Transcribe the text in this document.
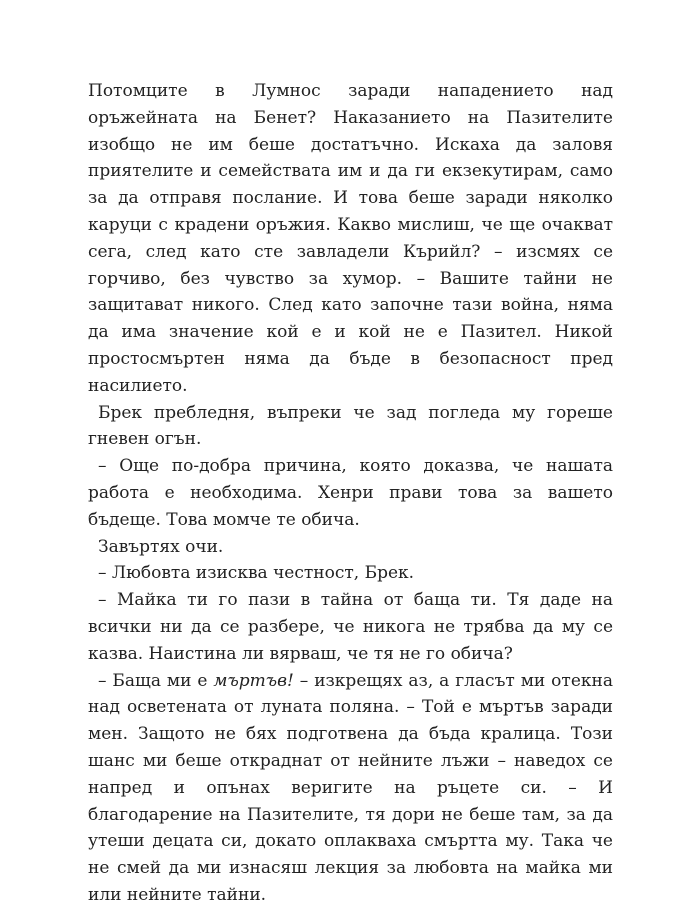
Потомците в Лумнос заради нападението над оръжейната на Бенет? Наказанието на Пазителите изобщо не им беше достатъчно. Искаха да заловя приятелите и семействата им и да ги екзекутирам, само за да отправя послание. И това беше заради няколко каруци с крадени оръжия. Какво мислиш, че ще очакват сега, след като сте завладели Кърийл? – изсмях се горчиво, без чувство за хумор. – Вашите тайни не защитават никого. След като започне тази война, няма да има значение кой е и кой не е Пазител. Никой простосмъртен няма да бъде в безопасност пред насилието.

Брек пребледня, въпреки че зад погледа му гореше гневен огън.

– Още по-добра причина, която доказва, че нашата работа е необходима. Хенри прави това за вашето бъдеще. Това момче те обича.

Завъртях очи.

– Любовта изисква честност, Брек.

– Майка ти го пази в тайна от баща ти. Тя даде на всички ни да се разбере, че никога не трябва да му се казва. Наистина ли вярваш, че тя не го обича?

– Баща ми е мъртъв! – изкрещях аз, а гласът ми отекна над осветената от луната поляна. – Той е мъртъв заради мен. Защото не бях подготвена да бъда кралица. Този шанс ми беше откраднат от нейните лъжи – наведох се напред и опънах веригите на ръцете си. – И благодарение на Пазителите, тя дори не беше там, за да утеши децата си, докато оплакваха смъртта му. Така че не смей да ми изнасяш лекция за любовта на майка ми или нейните тайни.
